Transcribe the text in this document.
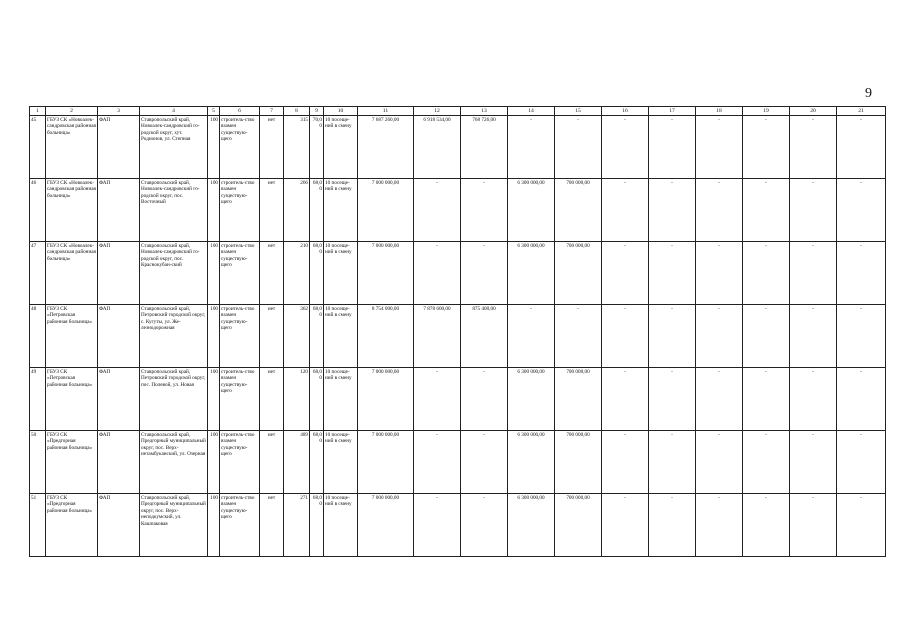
9
1	2	3	4	5	6	7	8	9	10	11	12	13	14	15	16	17	18	19	20	21
45	ГБУЗ СК «Новоалек-сандровская районная больница»	ФАП	Ставропольский край, Новоалек-сандровский го-родской округ, хут. Родионов, ул. Степная	100	строитель-ство взамен существую-щего	нет	315	70,00	10 посеще-ний в смену	7 687 260,00	6 918 534,00	768 726,00	-	-	-	-	-	-	-	-
46	ГБУЗ СК «Новоалек-сандровская районная больница»	ФАП	Ставропольский край, Новоалек-сандровский го-родской округ, пос. Восточный	100	строитель-ство взамен существую-щего	нет	266	68,00	10 посеще-ний в смену	7 000 000,00	-	-	6 300 000,00	700 000,00	-	-	-	-	-	-
47	ГБУЗ СК «Новоалек-сандровская районная больница»	ФАП	Ставропольский край, Новоалек-сандровский го-родской округ, пос. Краснокубан-ский	100	строитель-ство взамен существую-щего	нет	210	68,00	10 посеще-ний в смену	7 000 000,00	-	-	6 300 000,00	700 000,00	-	-	-	-	-	-
48	ГБУЗ СК «Петровская районная больница»	ФАП	Ставропольский край, Петровский городской округ, с. Кугуты, ул. Же-лезнодорожная	100	строитель-ство взамен существую-щего	нет	362	68,00	10 посеще-ний в смену	8 754 000,00	7 878 600,00	875 400,00	-	-	-	-	-	-	-	-
49	ГБУЗ СК «Петровская районная больница»	ФАП	Ставропольский край, Петровский городской округ, пос. Полевой, ул. Новая	100	строитель-ство взамен существую-щего	нет	120	68,00	10 посеще-ний в смену	7 000 000,00	-	-	6 300 000,00	700 000,00	-	-	-	-	-	-
50	ГБУЗ СК «Предгорная районная больница»	ФАП	Ставропольский край, Предгорный муниципальный округ, пос. Верх-нетамбуканский, ул. Озерная	100	строитель-ство взамен существую-щего	нет	489	68,00	10 посеще-ний в смену	7 000 000,00	-	-	6 300 000,00	700 000,00	-	-	-	-	-	-
51	ГБУЗ СК «Предгорная районная больница»	ФАП	Ставропольский край, Предгорный муниципальный округ, пос. Верх-неподкумский, ул. Кашпаковая	100	строитель-ство взамен существую-щего	нет	271	68,00	10 посеще-ний в смену	7 000 000,00	-	-	6 300 000,00	700 000,00	-	-	-	-	-	-
